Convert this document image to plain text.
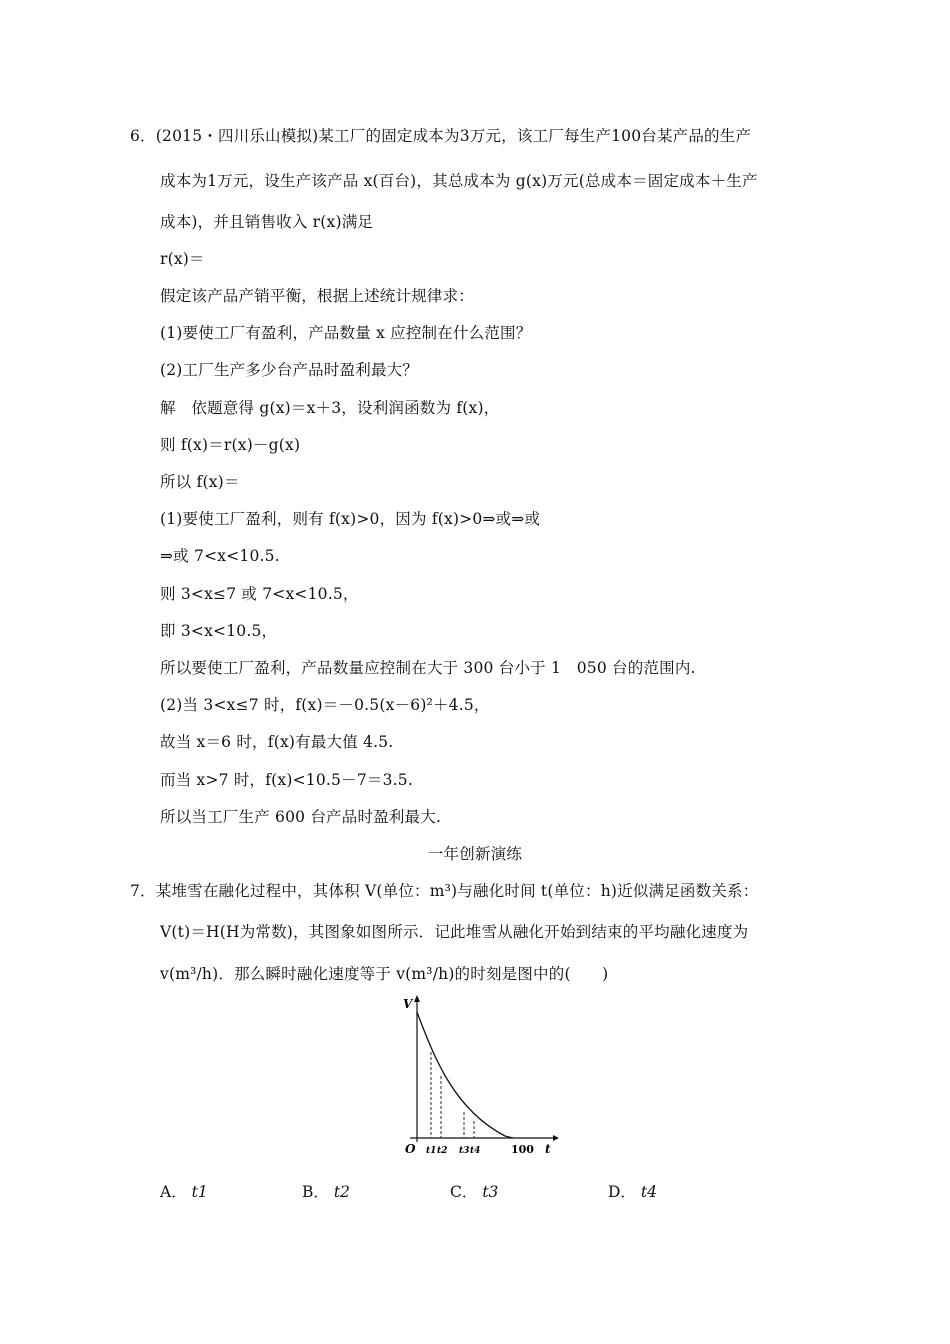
6．(2015・四川乐山模拟)某工厂的固定成本为3万元，该工厂每生产100台某产品的生产
成本为1万元，设生产该产品 x(百台)，其总成本为 g(x)万元(总成本＝固定成本＋生产
成本)，并且销售收入 r(x)满足
r(x)＝
假定该产品产销平衡，根据上述统计规律求：
(1)要使工厂有盈利，产品数量 x 应控制在什么范围？
(2)工厂生产多少台产品时盈利最大？
解　依题意得 g(x)＝x＋3，设利润函数为 f(x)，
则 f(x)＝r(x)－g(x)
所以 f(x)＝
(1)要使工厂盈利，则有 f(x)>0，因为 f(x)>0⇒或⇒或
⇒或 7<x<10.5.
则 3<x≤7 或 7<x<10.5，
即 3<x<10.5，
所以要使工厂盈利，产品数量应控制在大于 300 台小于 1　050 台的范围内.
(2)当 3<x≤7 时，f(x)＝－0.5(x－6)²＋4.5，
故当 x＝6 时，f(x)有最大值 4.5.
而当 x>7 时，f(x)<10.5－7＝3.5.
所以当工厂生产 600 台产品时盈利最大.
一年创新演练
7．某堆雪在融化过程中，其体积 V(单位：m³)与融化时间 t(单位：h)近似满足函数关系：
V(t)＝H(H为常数)，其图象如图所示．记此堆雪从融化开始到结束的平均融化速度为
v(m³/h)．那么瞬时融化速度等于 v(m³/h)的时刻是图中的(　　)
V
t
O	100
t1 t2 t3 t4
A． t1	B． t2	C． t3	D． t4
